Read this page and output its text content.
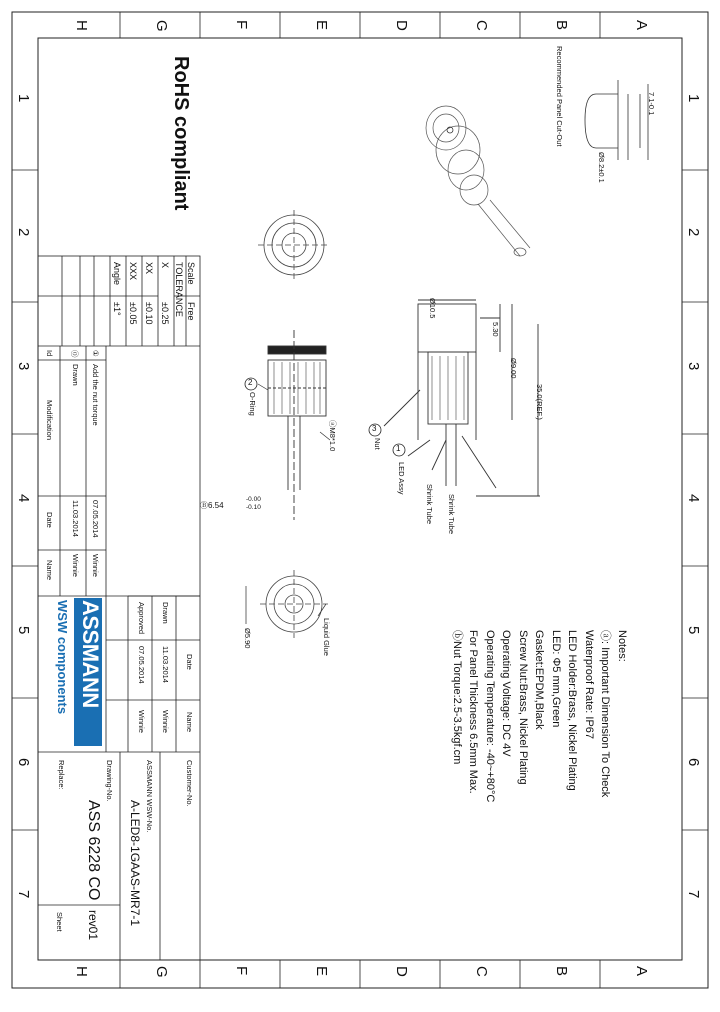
A
B
C
D
E
F
G
H
A
B
C
D
E
F
G
H
1
2
3
4
5
6
7
1
2
3
4
5
6
7
RoHS compliant
Notes:
ⓐ: Important Dimension To Check
Waterproof Rate: IP67
LED Holder:Brass, Nickel Plating
LED: Φ5 mm,Green
Gasket:EPDM,Black
Screw Nut:Brass, Nickel Plating
Operating Voltage: DC 4V
Operating Temperature: -40~+80°C
For Panel Thickness 6.5mm Max.
ⓑNut Torque:2.5-3.5kgf.cm
Recommended Panel Cut-Out	7.1-0.1
Ø8.2±0.1
Ø10.5
5.30
Ø9.00
35.0(REF.)
ⓐM8*1.0
Shrink Tube
Shrink Tube
LED Assy
Nut
O-Ring
Liquid Glue
Ø5.90
2
3
1
Ⓑ6.54
-0.00
-0.10
Scale
Free
TOLERANCE
X
±0.25
XX
±0.10
XXX
±0.05
Angle
±1°
①
Add the nut torque
07.05.2014
Winnie
⓪
Drawn
11.03.2014
Winnie
Id
Modification
Date
Name
Date
Name
Drawn
11.03.2014
Winnie
Approved
07.05.2014
Winnie
ASSMANN
WSW components
Customer-No.
ASSMANN WSW-No.
A-LED8-1GAAS-MR7-1
Drawing-No.
ASS 6228 CO
Replace:
rev01
Sheet
